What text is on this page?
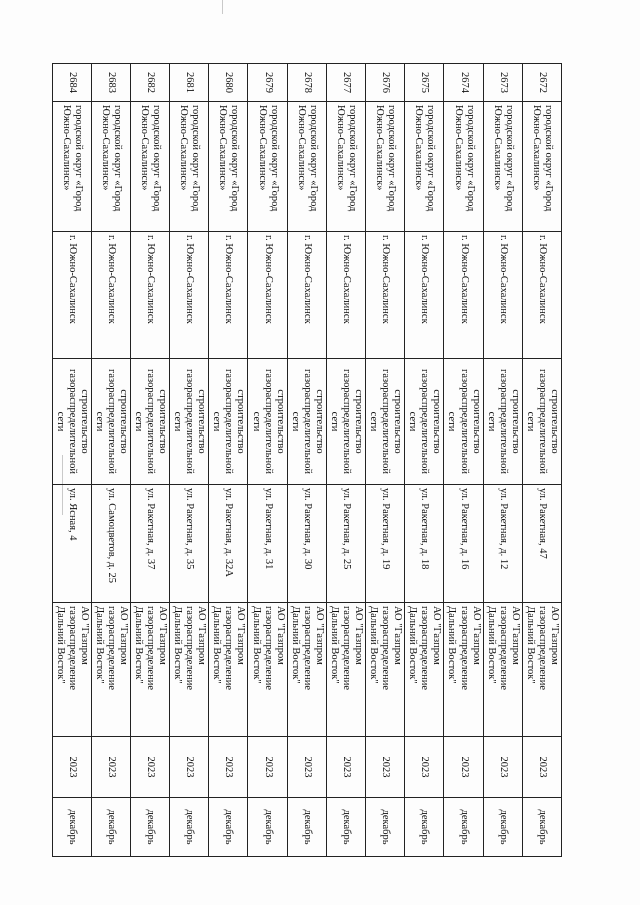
2672	городской округ «Город
Южно-Сахалинск»	г. Южно-Сахалинск	строительство
газораспределительной сети	ул. Ракетная, 47	АО "Газпром газораспределение
Дальний Восток"	2023	декабрь
2673	городской округ «Город
Южно-Сахалинск»	г. Южно-Сахалинск	строительство
газораспределительной сети	ул. Ракетная, д. 12	АО "Газпром газораспределение
Дальний Восток"	2023	декабрь
2674	городской округ «Город
Южно-Сахалинск»	г. Южно-Сахалинск	строительство
газораспределительной сети	ул. Ракетная, д. 16	АО "Газпром газораспределение
Дальний Восток"	2023	декабрь
2675	городской округ «Город
Южно-Сахалинск»	г. Южно-Сахалинск	строительство
газораспределительной сети	ул. Ракетная, д. 18	АО "Газпром газораспределение
Дальний Восток"	2023	декабрь
2676	городской округ «Город
Южно-Сахалинск»	г. Южно-Сахалинск	строительство
газораспределительной сети	ул. Ракетная, д. 19	АО "Газпром газораспределение
Дальний Восток"	2023	декабрь
2677	городской округ «Город
Южно-Сахалинск»	г. Южно-Сахалинск	строительство
газораспределительной сети	ул. Ракетная, д. 25	АО "Газпром газораспределение
Дальний Восток"	2023	декабрь
2678	городской округ «Город
Южно-Сахалинск»	г. Южно-Сахалинск	строительство
газораспределительной сети	ул. Ракетная, д. 30	АО "Газпром газораспределение
Дальний Восток"	2023	декабрь
2679	городской округ «Город
Южно-Сахалинск»	г. Южно-Сахалинск	строительство
газораспределительной сети	ул. Ракетная, д. 31	АО "Газпром газораспределение
Дальний Восток"	2023	декабрь
2680	городской округ «Город
Южно-Сахалинск»	г. Южно-Сахалинск	строительство
газораспределительной сети	ул. Ракетная, д. 32А	АО "Газпром газораспределение
Дальний Восток"	2023	декабрь
2681	городской округ «Город
Южно-Сахалинск»	г. Южно-Сахалинск	строительство
газораспределительной сети	ул. Ракетная, д. 35	АО "Газпром газораспределение
Дальний Восток"	2023	декабрь
2682	городской округ «Город
Южно-Сахалинск»	г. Южно-Сахалинск	строительство
газораспределительной сети	ул. Ракетная, д. 37	АО "Газпром газораспределение
Дальний Восток"	2023	декабрь
2683	городской округ «Город
Южно-Сахалинск»	г. Южно-Сахалинск	строительство
газораспределительной сети	ул. Самоцветов, д. 25	АО "Газпром газораспределение
Дальний Восток"	2023	декабрь
2684	городской округ «Город
Южно-Сахалинск»	г. Южно-Сахалинск	строительство
газораспределительной сети	ул. Ясная, 4	АО "Газпром газораспределение
Дальний Восток"	2023	декабрь
